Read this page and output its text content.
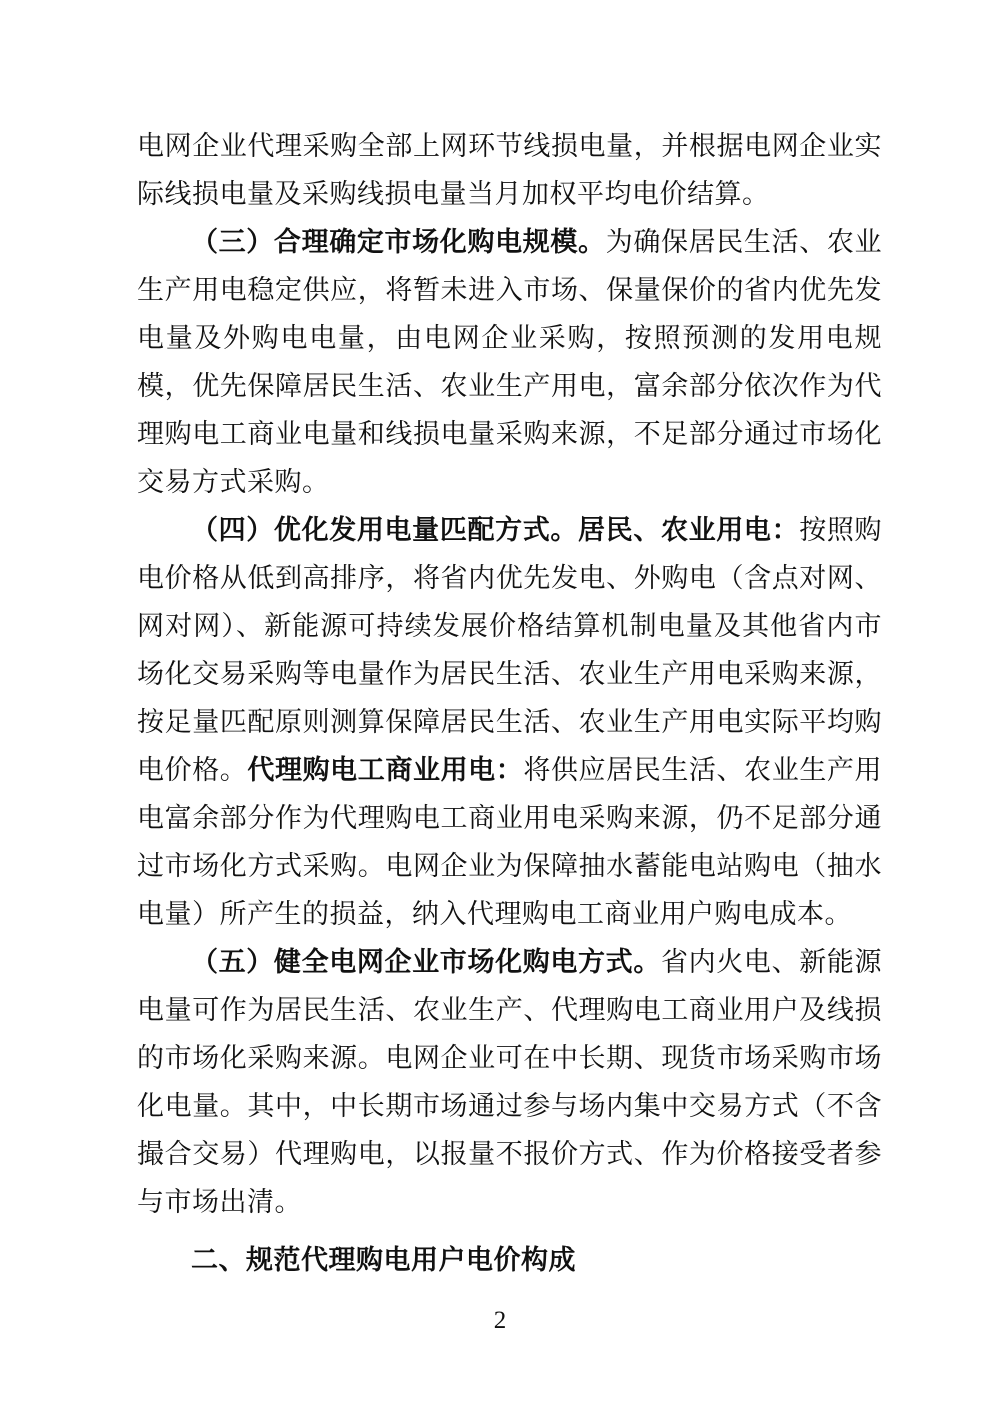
电网企业代理采购全部上网环节线损电量，并根据电网企业实际线损电量及采购线损电量当月加权平均电价结算。

（三）合理确定市场化购电规模。为确保居民生活、农业生产用电稳定供应，将暂未进入市场、保量保价的省内优先发电量及外购电电量，由电网企业采购，按照预测的发用电规模，优先保障居民生活、农业生产用电，富余部分依次作为代理购电工商业电量和线损电量采购来源，不足部分通过市场化交易方式采购。

（四）优化发用电量匹配方式。居民、农业用电：按照购电价格从低到高排序，将省内优先发电、外购电（含点对网、网对网）、新能源可持续发展价格结算机制电量及其他省内市场化交易采购等电量作为居民生活、农业生产用电采购来源，按足量匹配原则测算保障居民生活、农业生产用电实际平均购电价格。代理购电工商业用电：将供应居民生活、农业生产用电富余部分作为代理购电工商业用电采购来源，仍不足部分通过市场化方式采购。电网企业为保障抽水蓄能电站购电（抽水电量）所产生的损益，纳入代理购电工商业用户购电成本。

（五）健全电网企业市场化购电方式。省内火电、新能源电量可作为居民生活、农业生产、代理购电工商业用户及线损的市场化采购来源。电网企业可在中长期、现货市场采购市场化电量。其中，中长期市场通过参与场内集中交易方式（不含撮合交易）代理购电，以报量不报价方式、作为价格接受者参与市场出清。

二、规范代理购电用户电价构成

2
